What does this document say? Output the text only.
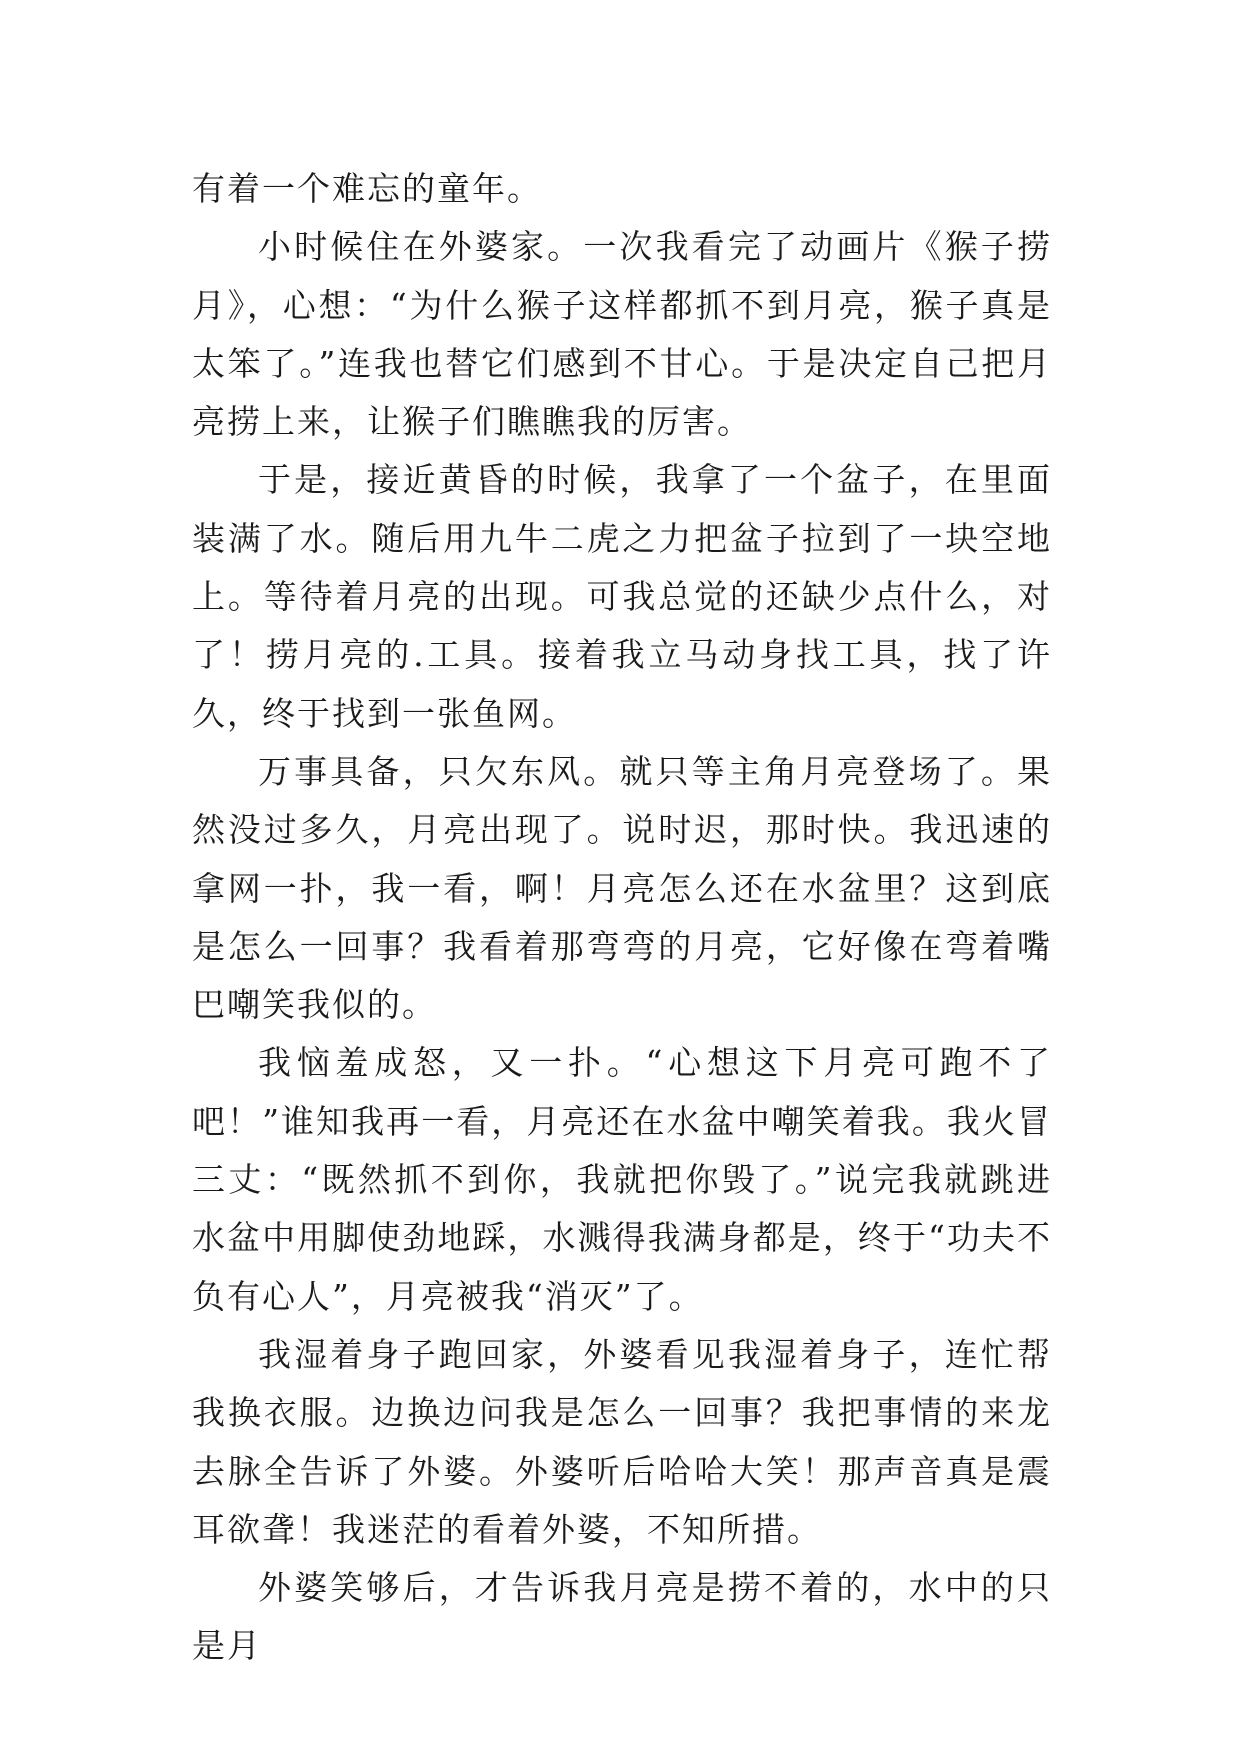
有着一个难忘的童年。

小时候住在外婆家。一次我看完了动画片《猴子捞月》，心想：“为什么猴子这样都抓不到月亮，猴子真是太笨了。”连我也替它们感到不甘心。于是决定自己把月亮捞上来，让猴子们瞧瞧我的厉害。

于是，接近黄昏的时候，我拿了一个盆子，在里面装满了水。随后用九牛二虎之力把盆子拉到了一块空地上。等待着月亮的出现。可我总觉的还缺少点什么，对了！捞月亮的.工具。接着我立马动身找工具，找了许久，终于找到一张鱼网。

万事具备，只欠东风。就只等主角月亮登场了。果然没过多久，月亮出现了。说时迟，那时快。我迅速的拿网一扑，我一看，啊！月亮怎么还在水盆里？这到底是怎么一回事？我看着那弯弯的月亮，它好像在弯着嘴巴嘲笑我似的。

我恼羞成怒，又一扑。“心想这下月亮可跑不了吧！”谁知我再一看，月亮还在水盆中嘲笑着我。我火冒三丈：“既然抓不到你，我就把你毁了。”说完我就跳进水盆中用脚使劲地踩，水溅得我满身都是，终于“功夫不负有心人”，月亮被我“消灭”了。

我湿着身子跑回家，外婆看见我湿着身子，连忙帮我换衣服。边换边问我是怎么一回事？我把事情的来龙去脉全告诉了外婆。外婆听后哈哈大笑！那声音真是震耳欲聋！我迷茫的看着外婆，不知所措。

外婆笑够后，才告诉我月亮是捞不着的，水中的只是月
